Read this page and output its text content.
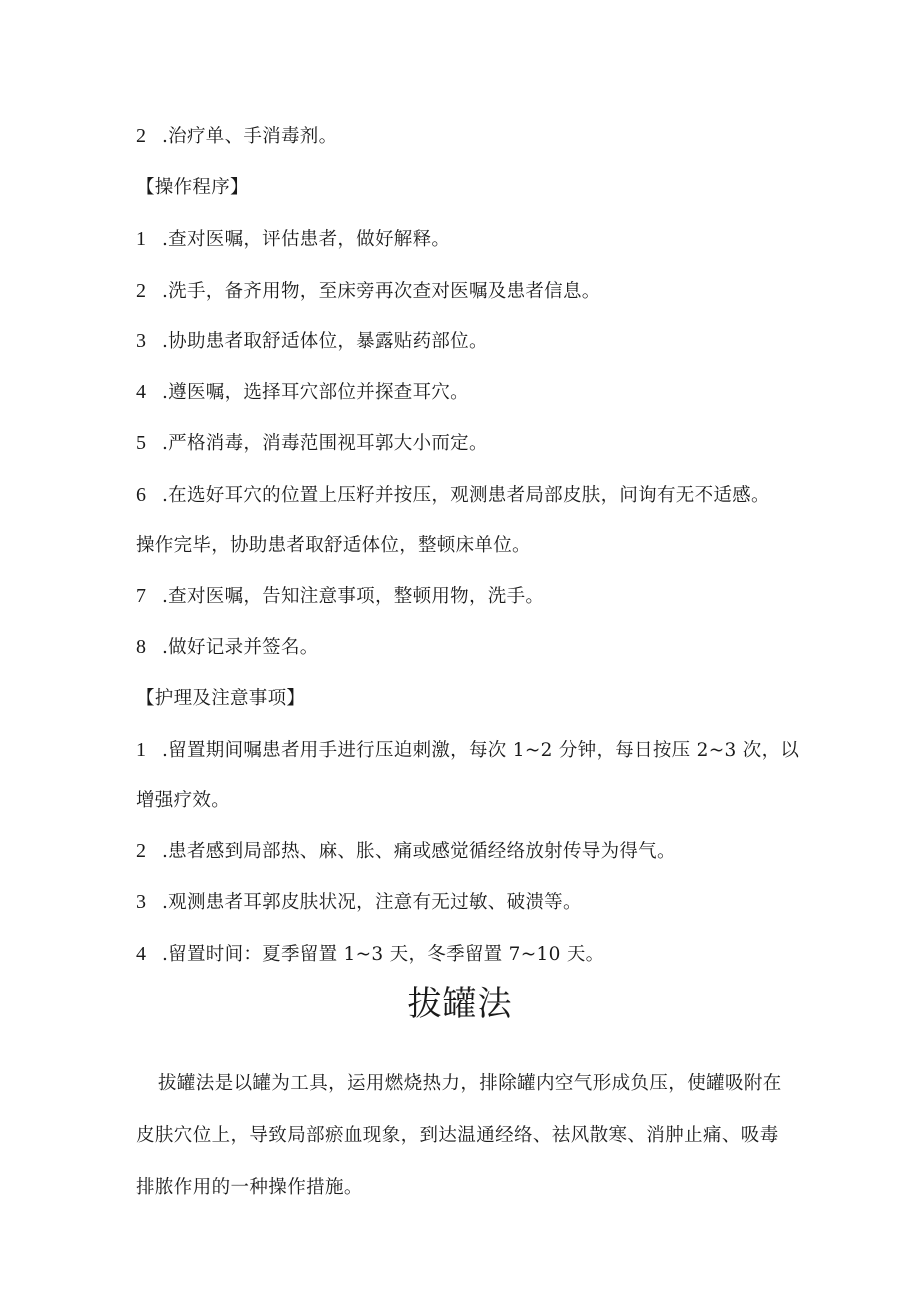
2 .治疗单、手消毒剂。
【操作程序】
1 .查对医嘱，评估患者，做好解释。
2 .洗手，备齐用物，至床旁再次查对医嘱及患者信息。
3 .协助患者取舒适体位，暴露贴药部位。
4 .遵医嘱，选择耳穴部位并探查耳穴。
5 .严格消毒，消毒范围视耳郭大小而定。
6 .在选好耳穴的位置上压籽并按压，观测患者局部皮肤，问询有无不适感。
操作完毕，协助患者取舒适体位，整顿床单位。
7 .查对医嘱，告知注意事项，整顿用物，洗手。
8 .做好记录并签名。
【护理及注意事项】
1 .留置期间嘱患者用手进行压迫刺激，每次 1~2 分钟，每日按压 2~3 次，以
增强疗效。
2 .患者感到局部热、麻、胀、痛或感觉循经络放射传导为得气。
3 .观测患者耳郭皮肤状况，注意有无过敏、破溃等。
4 .留置时间：夏季留置 1~3 天，冬季留置 7~10 天。
拔罐法
拔罐法是以罐为工具，运用燃烧热力，排除罐内空气形成负压，使罐吸附在皮肤穴位上，导致局部瘀血现象，到达温通经络、祛风散寒、消肿止痛、吸毒排脓作用的一种操作措施。
